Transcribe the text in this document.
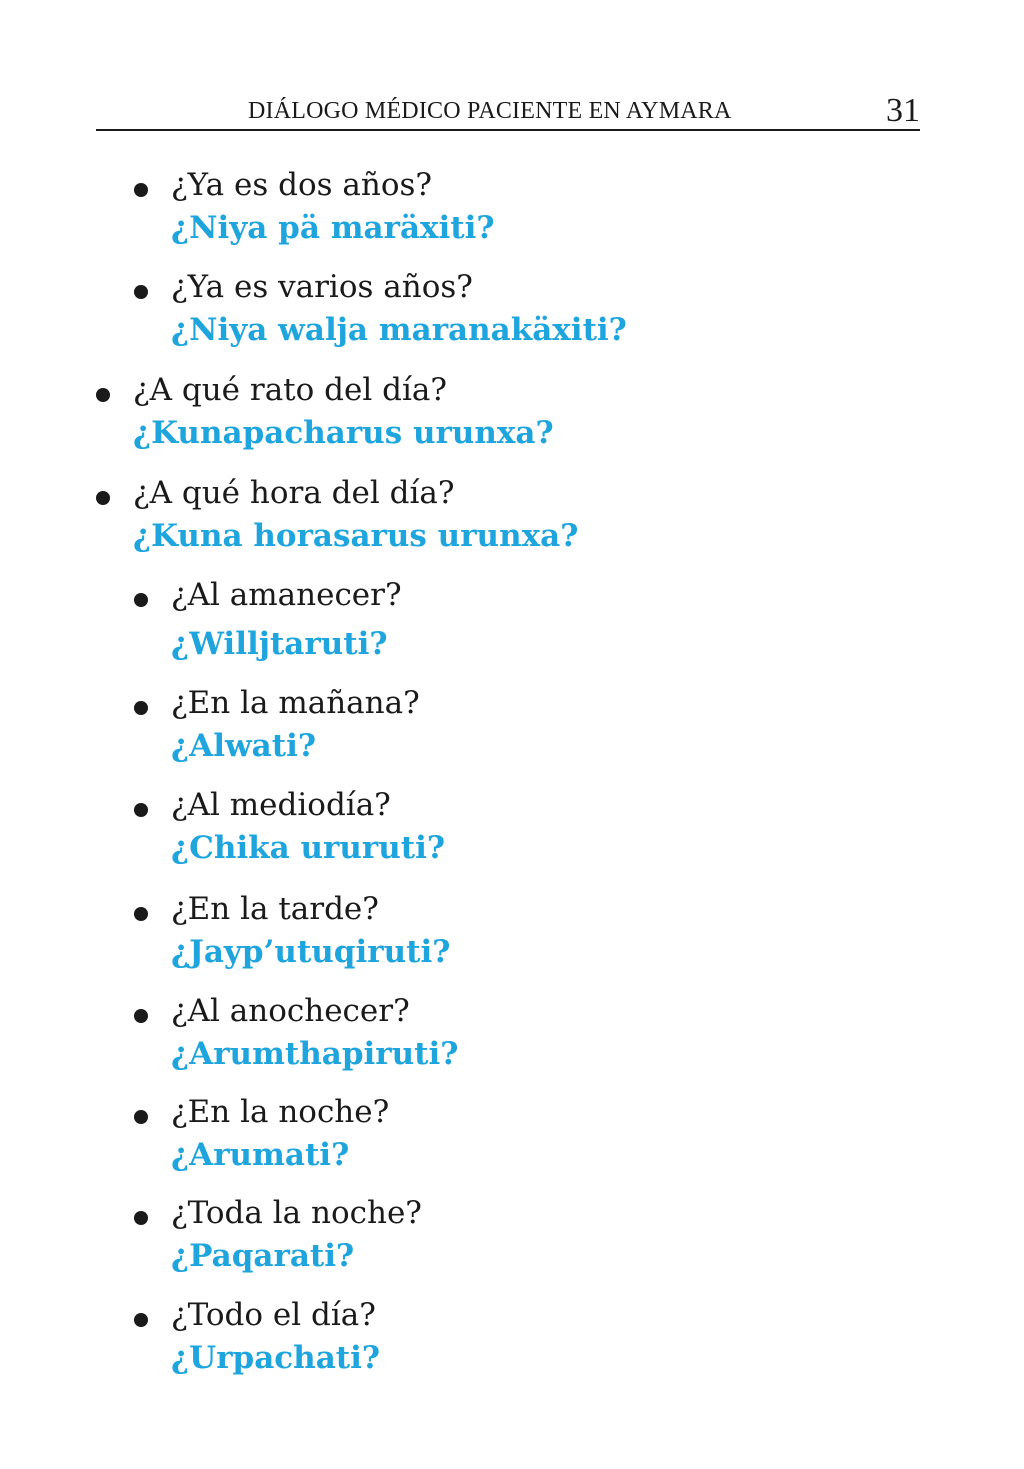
DIÁLOGO MÉDICO PACIENTE EN AYMARA	31
¿Ya es dos años?
¿Niya pä maräxiti?
¿Ya es varios años?
¿Niya walja maranakäxiti?
¿A qué rato del día?
¿Kunapacharus urunxa?
¿A qué hora del día?
¿Kuna horasarus urunxa?
¿Al amanecer?
¿Willjtaruti?
¿En la mañana?
¿Alwati?
¿Al mediodía?
¿Chika ururuti?
¿En la tarde?
¿Jayp’utuqiruti?
¿Al anochecer?
¿Arumthapiruti?
¿En la noche?
¿Arumati?
¿Toda la noche?
¿Paqarati?
¿Todo el día?
¿Urpachati?
